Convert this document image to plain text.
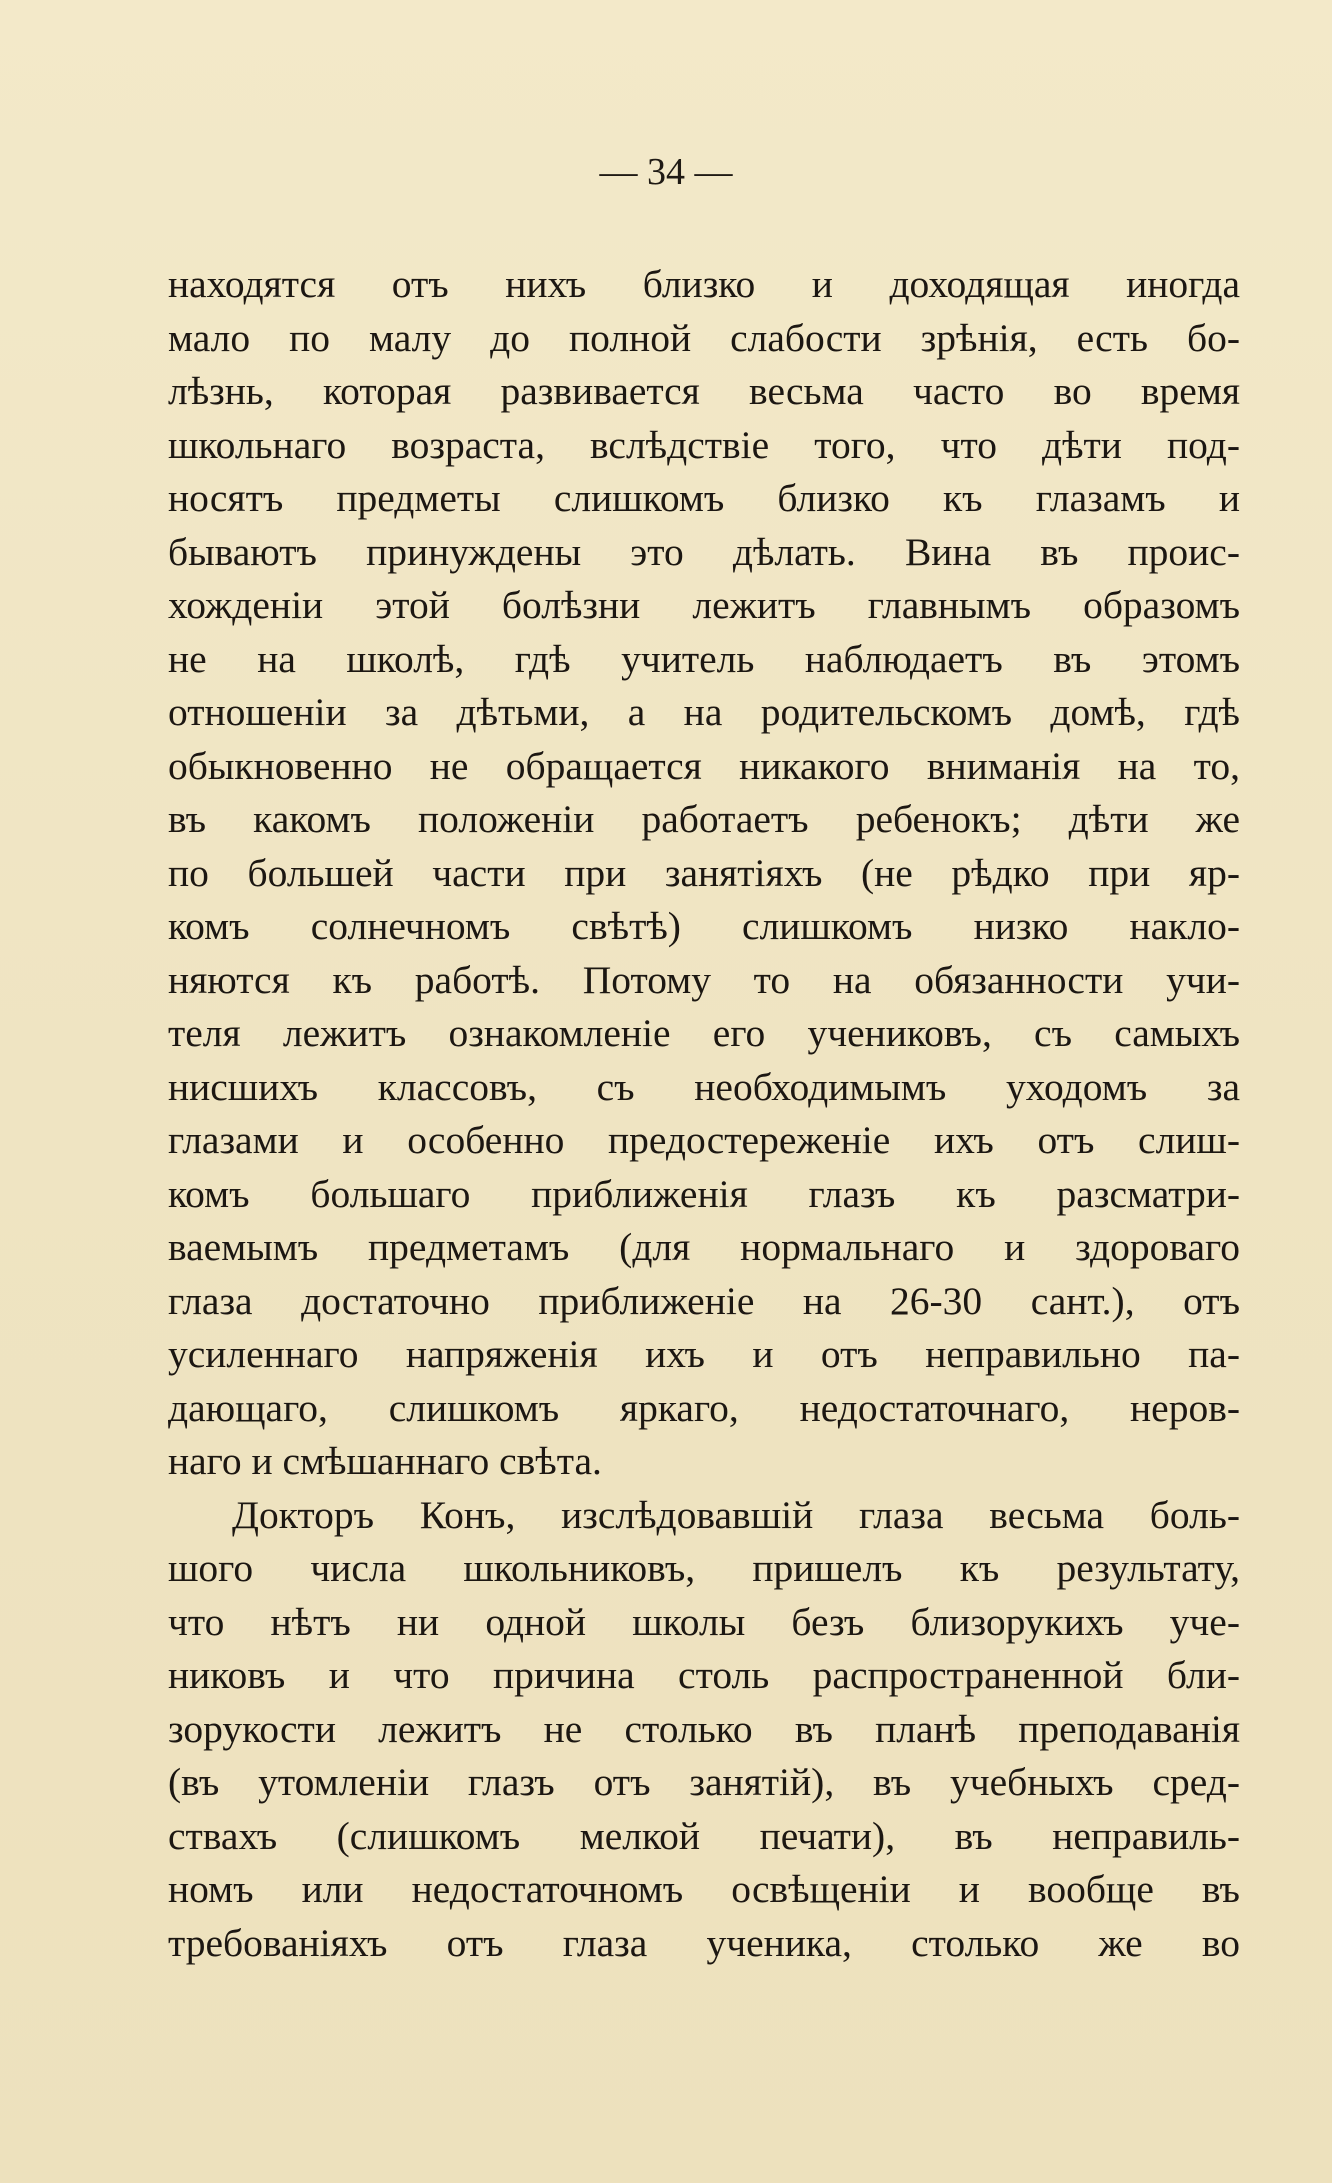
— 34 —
находятся отъ нихъ близко и доходящая иногда
мало по малу до полной слабости зрѣнія, есть бо-
лѣзнь, которая развивается весьма часто во время
школьнаго возраста, вслѣдствіе того, что дѣти под-
носятъ предметы слишкомъ близко къ глазамъ и
бываютъ принуждены это дѣлать. Вина въ проис-
хожденіи этой болѣзни лежитъ главнымъ образомъ
не на школѣ, гдѣ учитель наблюдаетъ въ этомъ
отношеніи за дѣтьми, а на родительскомъ домѣ, гдѣ
обыкновенно не обращается никакого вниманія на то,
въ какомъ положеніи работаетъ ребенокъ; дѣти же
по большей части при занятіяхъ (не рѣдко при яр-
комъ солнечномъ свѣтѣ) слишкомъ низко накло-
няются къ работѣ. Потому то на обязанности учи-
теля лежитъ ознакомленіе его учениковъ, съ самыхъ
нисшихъ классовъ, съ необходимымъ уходомъ за
глазами и особенно предостереженіе ихъ отъ слиш-
комъ большаго приближенія глазъ къ разсматри-
ваемымъ предметамъ (для нормальнаго и здороваго
глаза достаточно приближеніе на 26-30 сант.), отъ
усиленнаго напряженія ихъ и отъ неправильно па-
дающаго, слишкомъ яркаго, недостаточнаго, неров-
наго и смѣшаннаго свѣта.
Докторъ Конъ, изслѣдовавшій глаза весьма боль-
шого числа школьниковъ, пришелъ къ результату,
что нѣтъ ни одной школы безъ близорукихъ уче-
никовъ и что причина столь распространенной бли-
зорукости лежитъ не столько въ планѣ преподаванія
(въ утомленіи глазъ отъ занятій), въ учебныхъ сред-
ствахъ (слишкомъ мелкой печати), въ неправиль-
номъ или недостаточномъ освѣщеніи и вообще въ
требованіяхъ отъ глаза ученика, столько же во
